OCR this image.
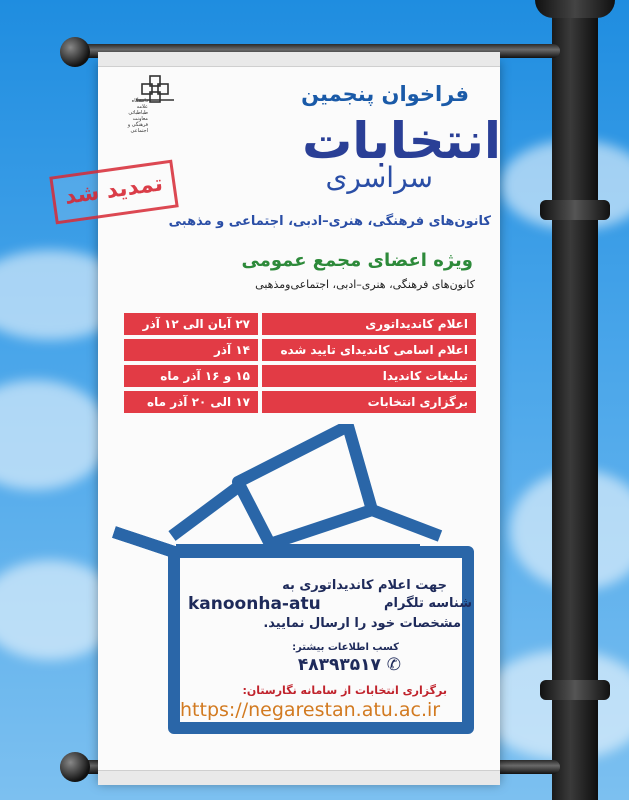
دانشگاه علامه طباطبائی معاونت فرهنگی و اجتماعی
فراخوان پنجمین
انتخابات
سراسری
کانون‌های فرهنگی، هنری–ادبی، اجتماعی و مذهبی
تمدید شد
ویژه اعضای مجمع عمومی
کانون‌های فرهنگی، هنری–ادبی، اجتماعی‌ومذهبی
اعلام کاندیداتوری
۲۷ آبان الی ۱۲ آذر
اعلام اسامی کاندیدای تایید شده
۱۴ آذر
تبلیغات کاندیدا
۱۵ و ۱۶ آذر ماه
برگزاری انتخابات
۱۷ الی ۲۰ آذر ماه
جهت اعلام کاندیداتوری به
شناسه تلگرام
kanoonha-atu
مشخصات خود را ارسال نمایید.
کسب اطلاعات بیشتر:
✆ ۴۸۳۹۳۵۱۷
برگزاری انتخابات از سامانه نگارستان:
https://negarestan.atu.ac.ir
